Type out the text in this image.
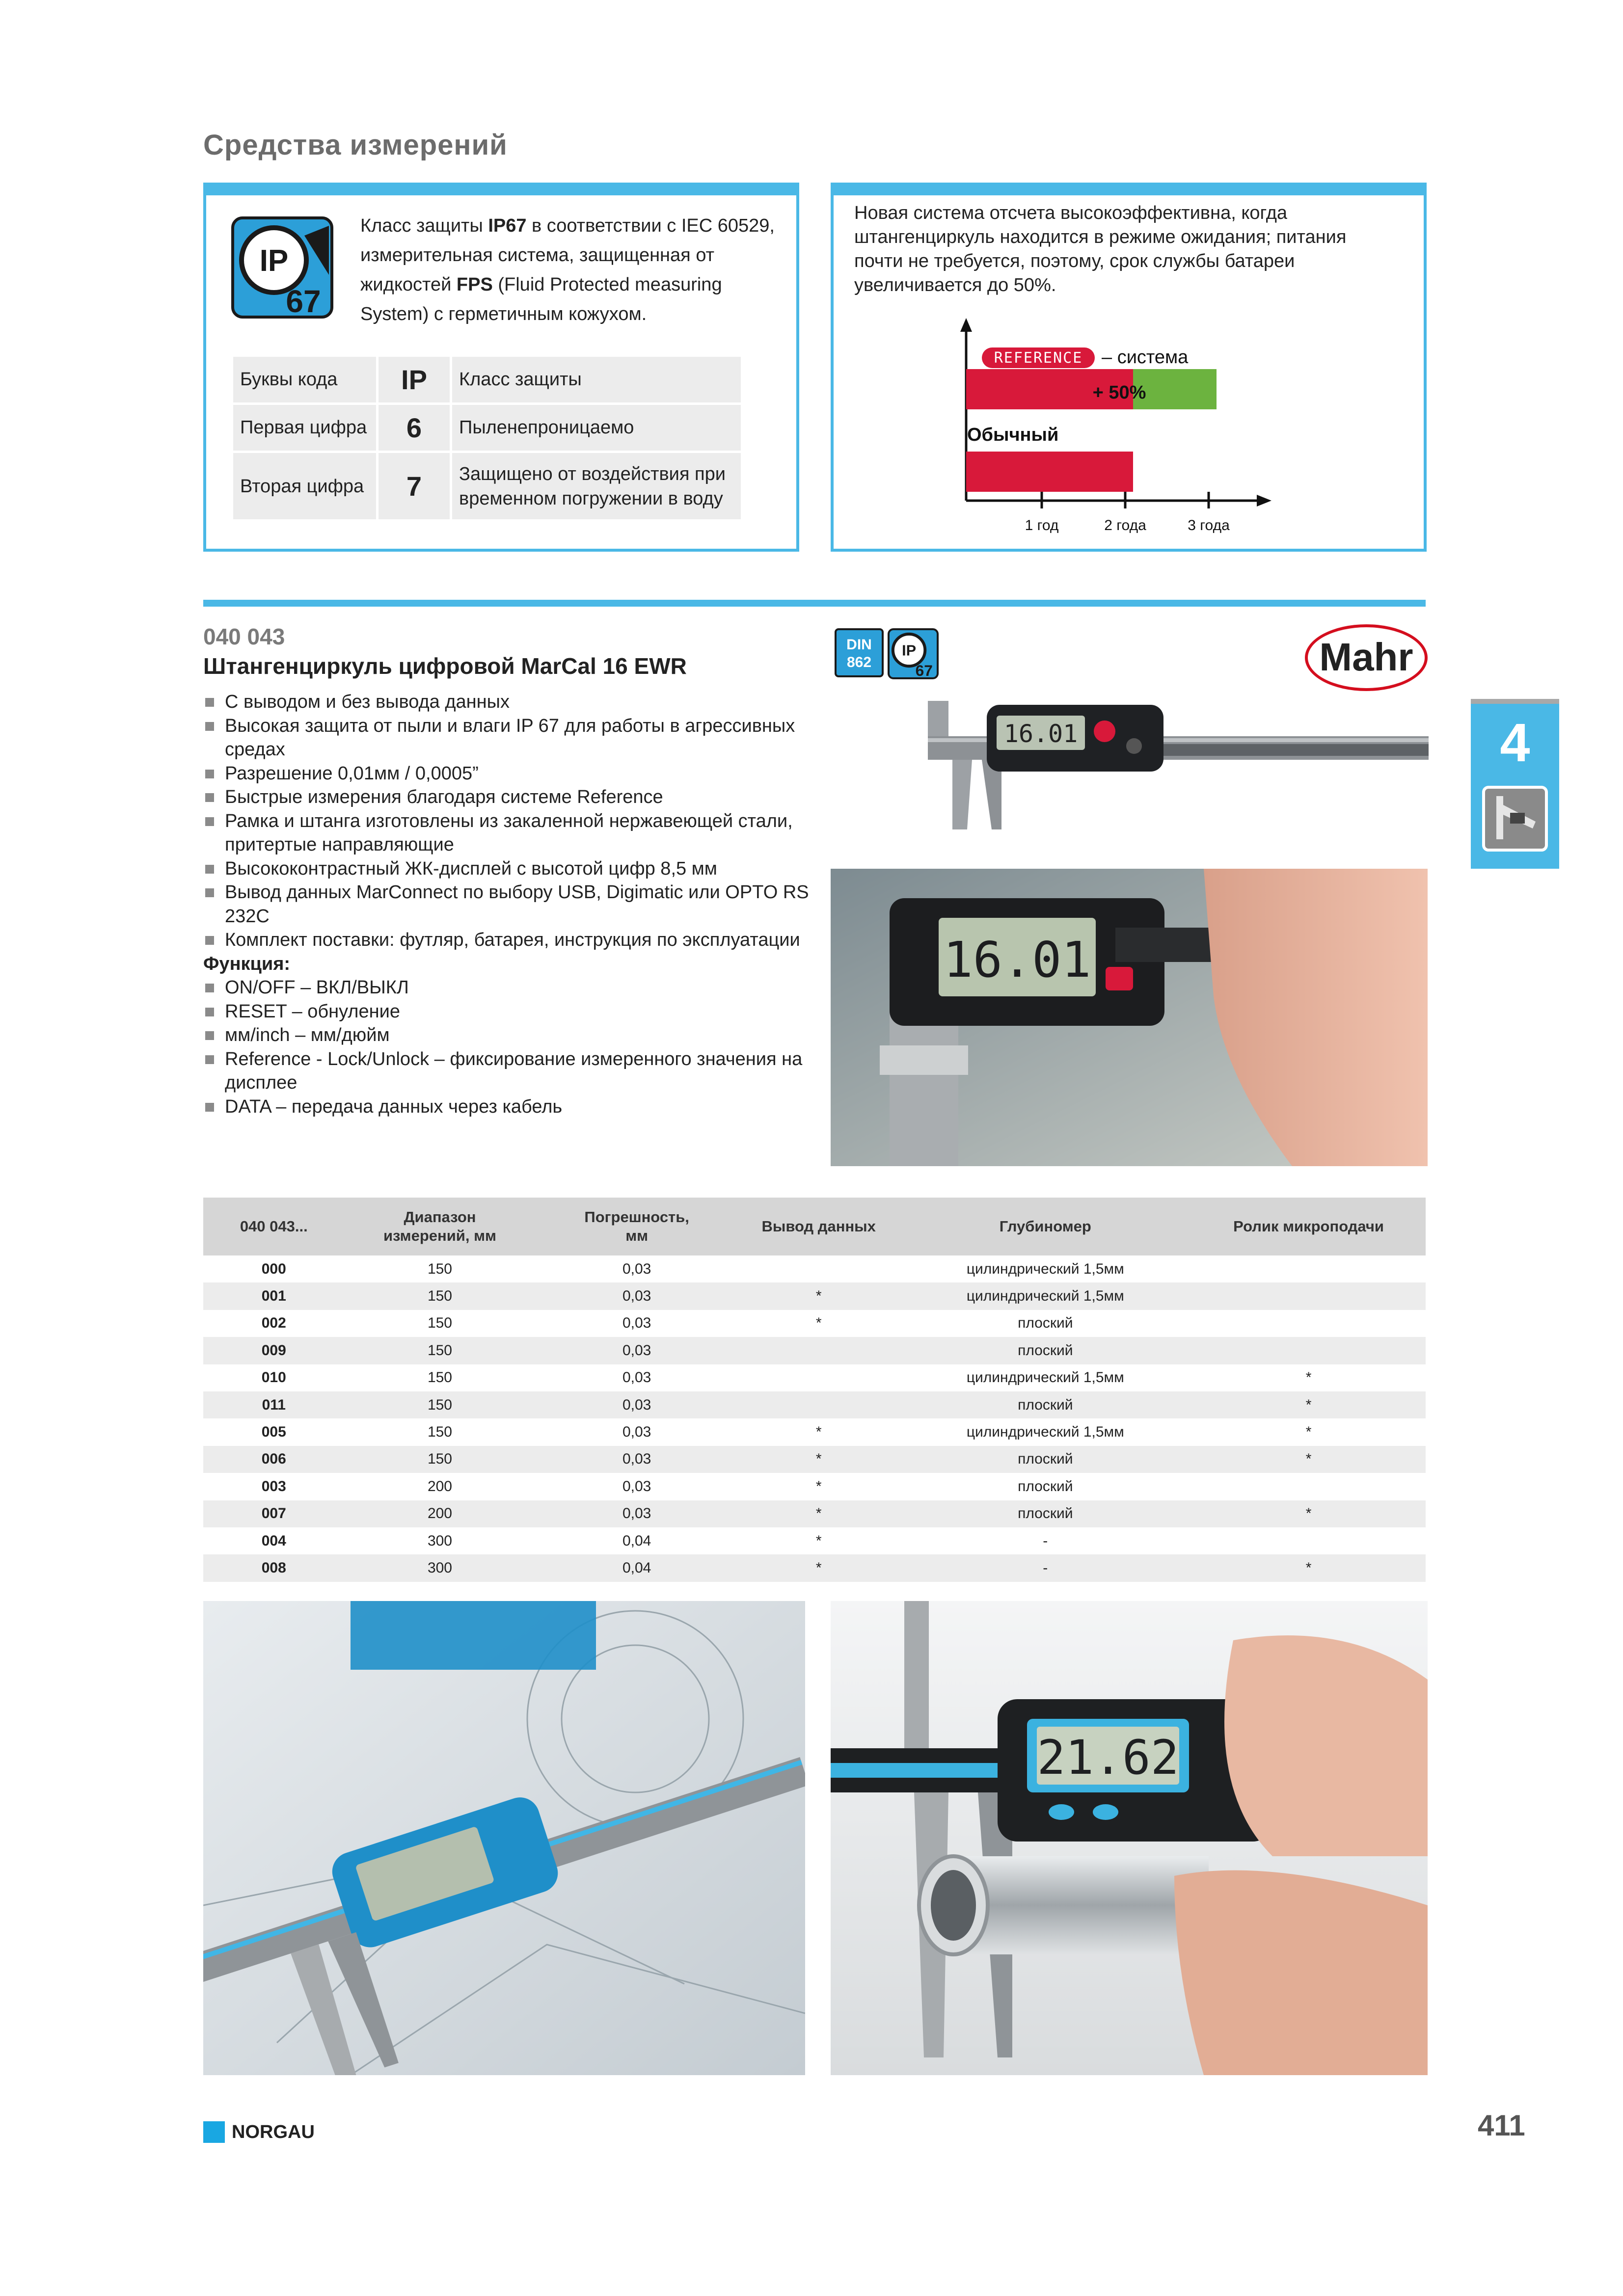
Средства измерений
IP
67
Класс защиты IP67 в соответствии с IEC 60529, измерительная система, защищенная от жидкостей FPS (Fluid Protected measuring System) с герметичным кожухом.
Буквы кода	IP	Класс защиты
Первая цифра	6	Пыленепроницаемо
Вторая цифра	7	Защищено от воздействия при временном погружении в воду
Новая система отсчета высокоэффективна, когда штангенциркуль находится в режиме ожидания; питания почти не требуется, поэтому, срок службы батареи увеличивается до 50%.
1 год	2 года	3 года
REFERENCE – система
+ 50%
Обычный
040 043
Штангенциркуль цифровой MarCal 16 EWR
С выводом и без вывода данных
Высокая защита от пыли и влаги IP 67 для работы в агрессивных средах
Разрешение 0,01мм / 0,0005”
Быстрые измерения благодаря системе Reference
Рамка и штанга изготовлены из закаленной нержавеющей стали, притертые направляющие
Высококонтрастный ЖК-дисплей с высотой цифр 8,5 мм
Вывод данных MarConnect по выбору USB, Digimatic или OPTO RS 232C
Комплект поставки: футляр, батарея, инструкция по эксплуатации
Функция:
ON/OFF – ВКЛ/ВЫКЛ
RESET – обнуление
мм/inch – мм/дюйм
Reference - Lock/Unlock – фиксирование измеренного значения на дисплее
DATA – передача данных через кабель
DIN
862
IP
67	Mahr
4
16.01
16.01
040 043...	Диапазон измерений, мм	Погрешность, мм	Вывод данных	Глубиномер	Ролик микроподачи
000	150	0,03		цилиндрический 1,5мм	
001	150	0,03	*	цилиндрический 1,5мм	
002	150	0,03	*	плоский	
009	150	0,03		плоский	
010	150	0,03		цилиндрический 1,5мм	*
011	150	0,03		плоский	*
005	150	0,03	*	цилиндрический 1,5мм	*
006	150	0,03	*	плоский	*
003	200	0,03	*	плоский	
007	200	0,03	*	плоский	*
004	300	0,04	*	-	
008	300	0,04	*	-	*
21.62
NORGAU	411
